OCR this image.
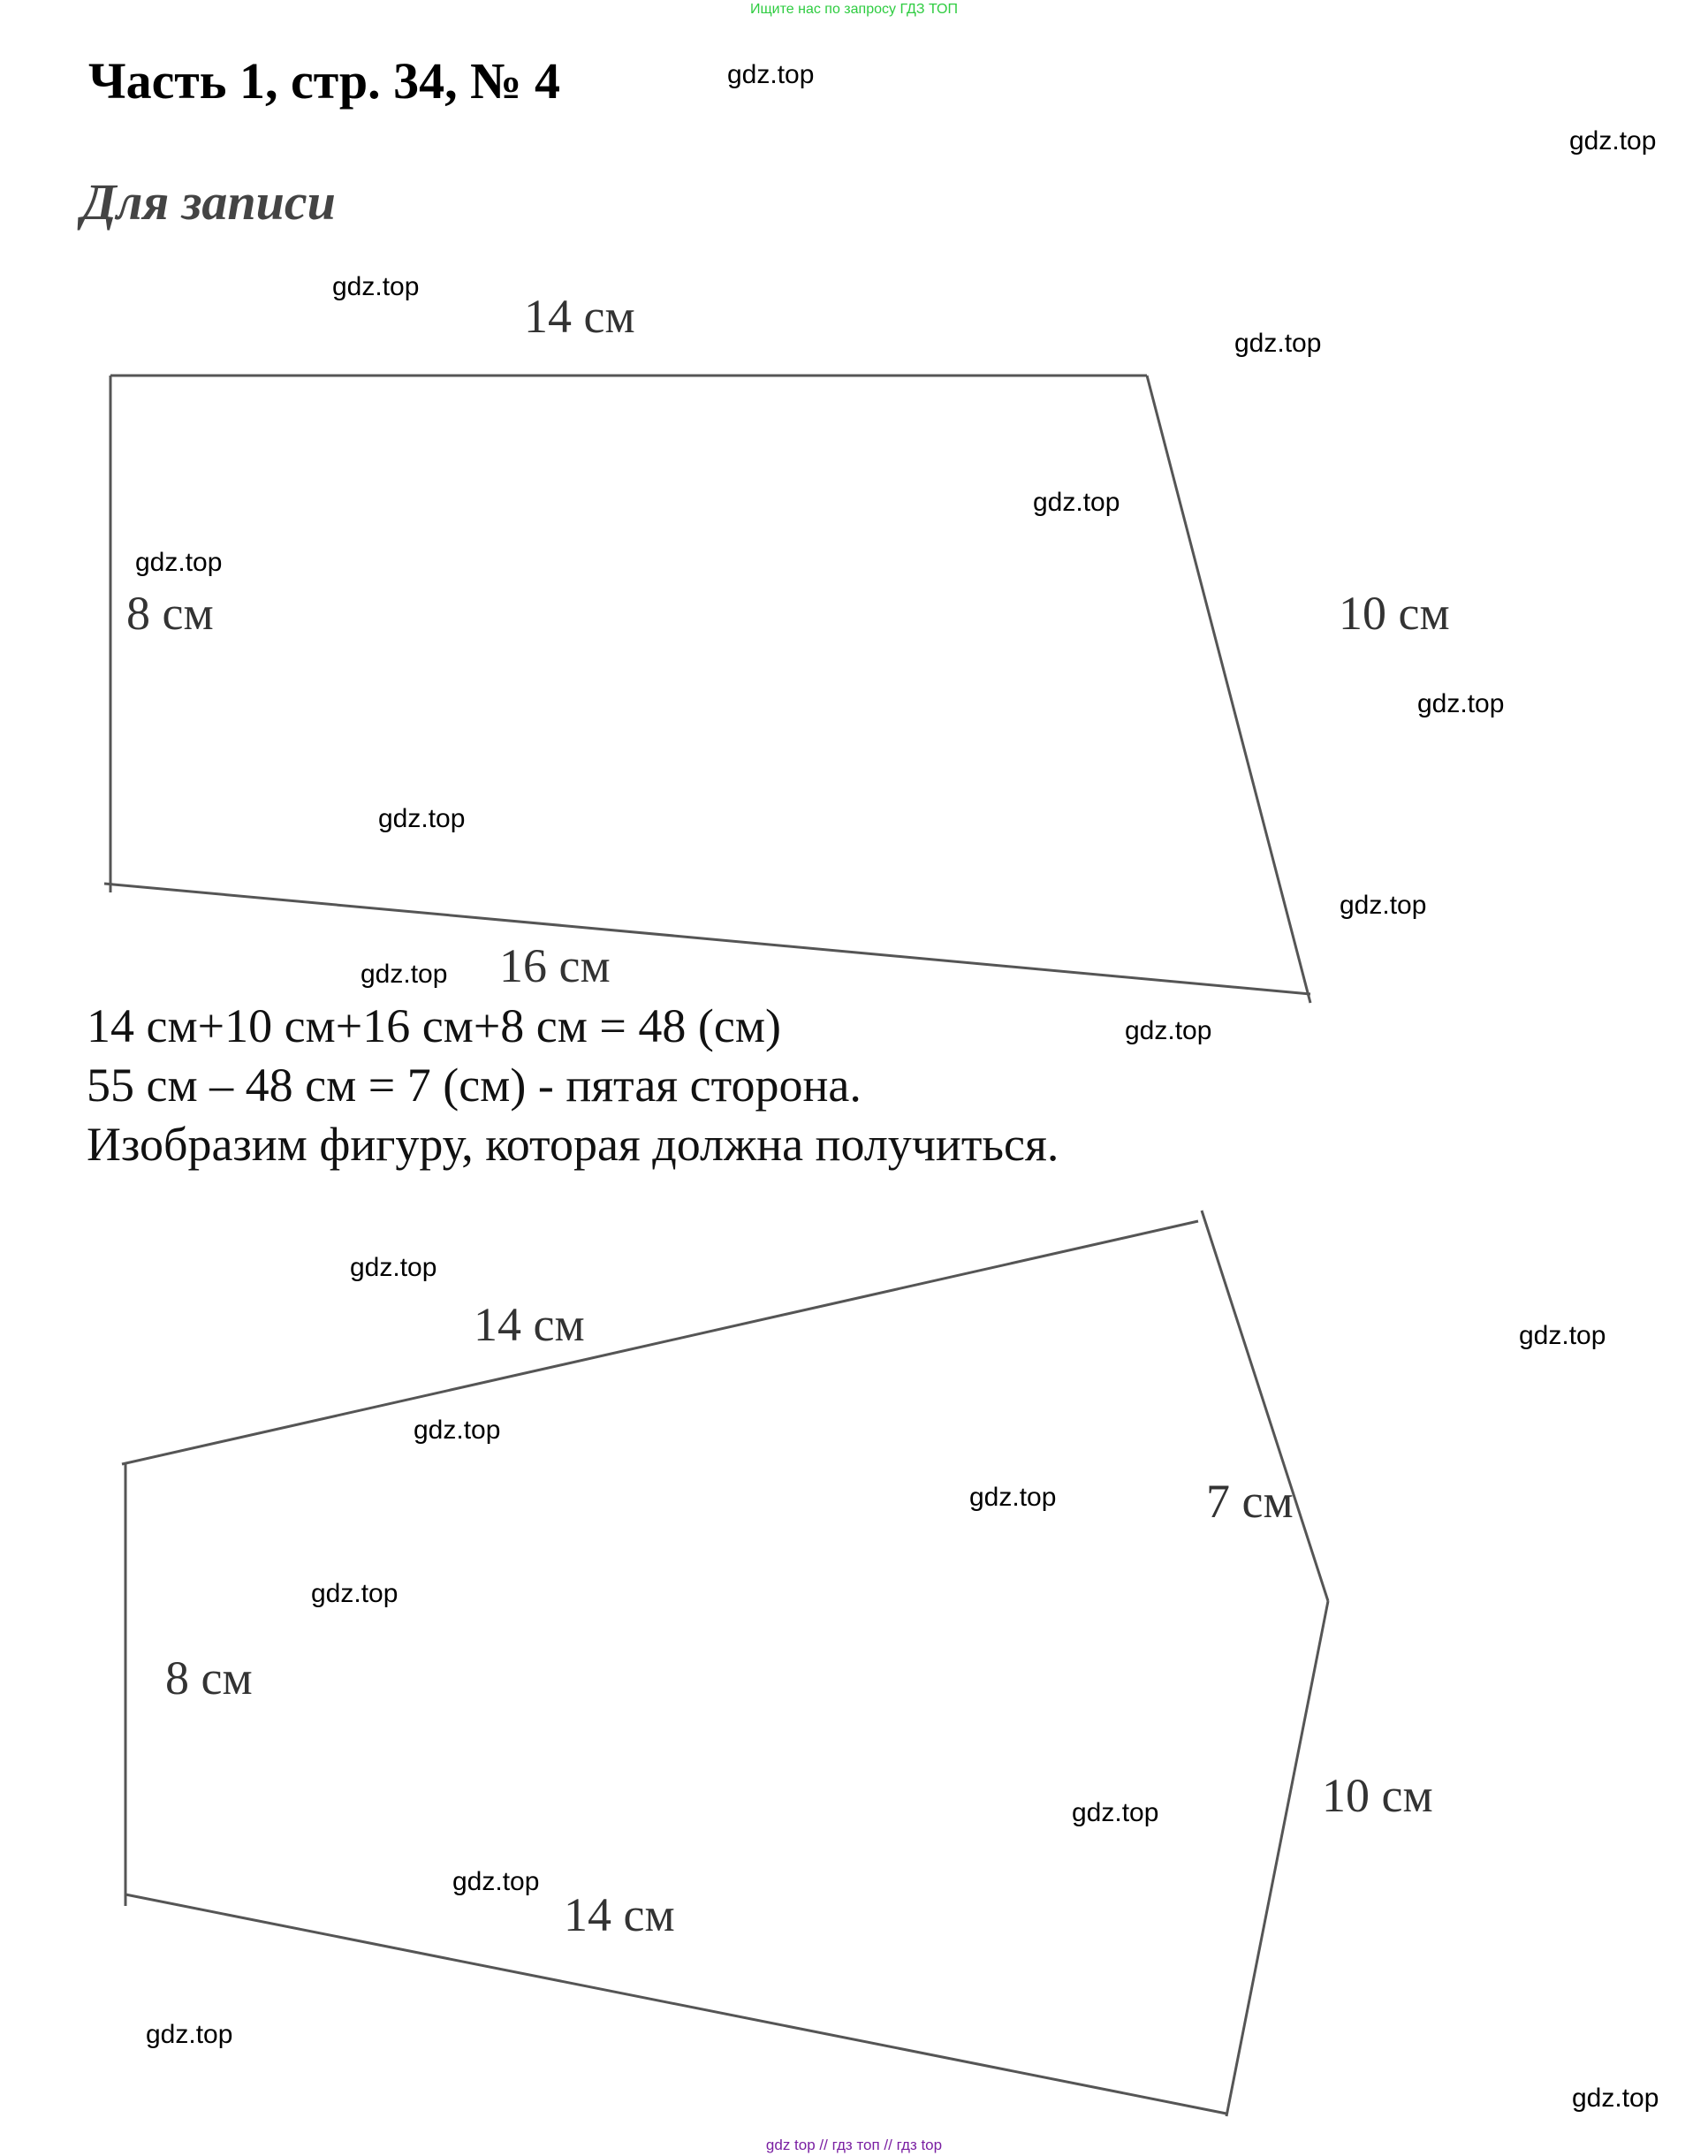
Ищите нас по запросу ГДЗ ТОП
Часть 1, стр. 34, № 4
Для записи
14 см
8 см	10 см
16 см
14 см+10 см+16 см+8 см = 48 (см)
55 см – 48 см = 7 (см) - пятая сторона.
Изобразим фигуру, которая должна получиться.
14 см
7 см
8 см
10 см
14 см
gdz.top
gdz.top
gdz.top
gdz.top
gdz.top
gdz.top
gdz.top
gdz.top
gdz.top
gdz.top
gdz.top
gdz.top
gdz.top
gdz.top
gdz.top
gdz.top
gdz.top
gdz.top
gdz.top
gdz.top
gdz top // гдз топ // гдз top
